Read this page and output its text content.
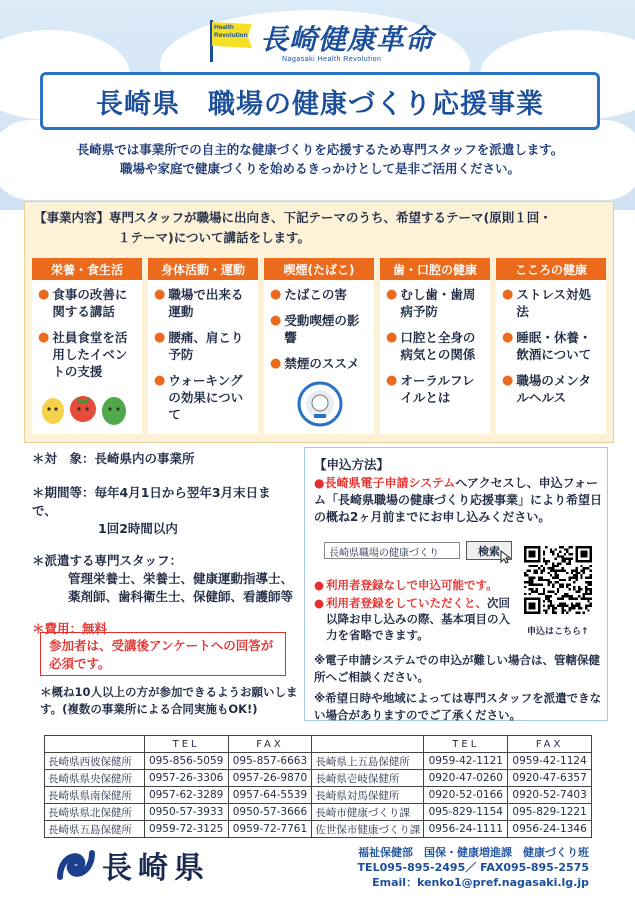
Health Revolution 長崎健康革命
Nagasaki Health Revolution
長崎県　職場の健康づくり応援事業
長崎県では事業所での自主的な健康づくりを応援するため専門スタッフを派遣します。
職場や家庭で健康づくりを始めるきっかけとして是非ご活用ください。
【事業内容】専門スタッフが職場に出向き、下記テーマのうち、希望するテーマ(原則１回・
１テーマ)について講話をします。
栄養・食生活
● 食事の改善に関する講話
● 社員食堂を活用したイベントの支援
身体活動・運動
● 職場で出来る運動
● 腰痛、肩こり予防
● ウォーキングの効果について
喫煙(たばこ)
● たばこの害
● 受動喫煙の影響
● 禁煙のススメ
歯・口腔の健康
● むし歯・歯周病予防
● 口腔と全身の病気との関係
● オーラルフレイルとは
こころの健康
● ストレス対処法
● 睡眠・休養・飲酒について
● 職場のメンタルヘルス
＊対　象：長崎県内の事業所
＊期間等：毎年4月1日から翌年3月末日まで、
1回2時間以内
＊派遣する専門スタッフ：
管理栄養士、栄養士、健康運動指導士、
薬剤師、歯科衛生士、保健師、看護師等
＊費用：無料
参加者は、受講後アンケートへの回答が必須です。
＊概ね10人以上の方が参加できるようお願いします。(複数の事業所による合同実施もOK!)
【申込方法】
●長崎県電子申請システムへアクセスし、申込フォーム「長崎県職場の健康づくり応援事業」により希望日の概ね2ヶ月前までにお申し込みください。
長崎県職場の健康づくり	検索
申込はこちら↑
● 利用者登録なしで申込可能です。
● 利用者登録をしていただくと、次回以降お申し込みの際、基本項目の入力を省略できます。
※電子申請システムでの申込が難しい場合は、管轄保健所へご相談ください。
※希望日時や地域によっては専門スタッフを派遣できない場合がありますのでご了承ください。
	TEL	FAX		TEL	FAX
長崎県西彼保健所	095-856-5059	095-857-6663	長崎県上五島保健所	0959-42-1121	0959-42-1124
長崎県県央保健所	0957-26-3306	0957-26-9870	長崎県壱岐保健所	0920-47-0260	0920-47-6357
長崎県県南保健所	0957-62-3289	0957-64-5539	長崎県対馬保健所	0920-52-0166	0920-52-7403
長崎県県北保健所	0950-57-3933	0950-57-3666	長崎市健康づくり課	095-829-1154	095-829-1221
長崎県五島保健所	0959-72-3125	0959-72-7761	佐世保市健康づくり課	0956-24-1111	0956-24-1346
長崎県	福祉保健部　国保・健康増進課　健康づくり班
TEL095-895-2495／ FAX095-895-2575
Email：kenko1@pref.nagasaki.lg.jp
